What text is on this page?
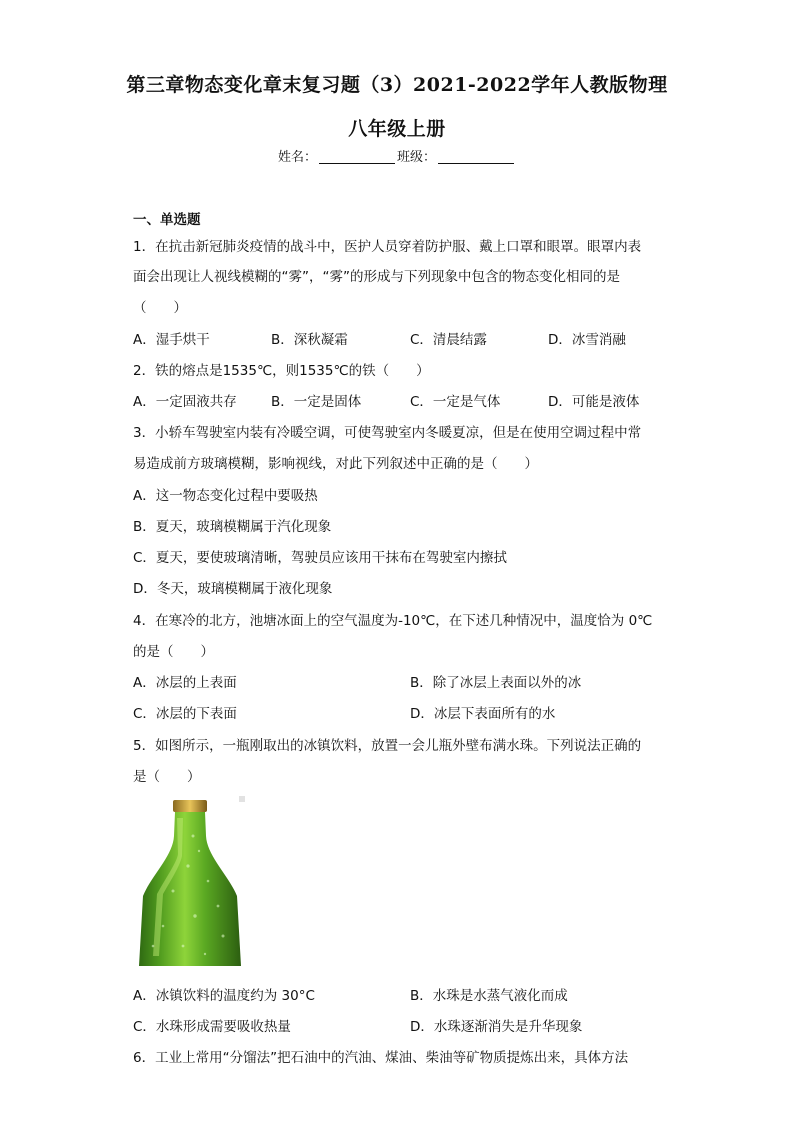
第三章物态变化章末复习题（3）2021-2022学年人教版物理
八年级上册
姓名：	班级：
一、单选题
1．在抗击新冠肺炎疫情的战斗中，医护人员穿着防护服、戴上口罩和眼罩。眼罩内表
面会出现让人视线模糊的“雾”，“雾”的形成与下列现象中包含的物态变化相同的是
（　　）
A．湿手烘干	B．深秋凝霜	C．清晨结露	D．冰雪消融
2．铁的熔点是1535℃，则1535℃的铁（　　）
A．一定固液共存	B．一定是固体	C．一定是气体	D．可能是液体
3．小轿车驾驶室内装有冷暖空调，可使驾驶室内冬暖夏凉，但是在使用空调过程中常
易造成前方玻璃模糊，影响视线，对此下列叙述中正确的是（　　）
A．这一物态变化过程中要吸热
B．夏天，玻璃模糊属于汽化现象
C．夏天，要使玻璃清晰，驾驶员应该用干抹布在驾驶室内擦拭
D．冬天，玻璃模糊属于液化现象
4．在寒冷的北方，池塘冰面上的空气温度为-10℃，在下述几种情况中，温度恰为 0℃
的是（　　）
A．冰层的上表面	B．除了冰层上表面以外的冰
C．冰层的下表面	D．冰层下表面所有的水
5．如图所示，一瓶刚取出的冰镇饮料，放置一会儿瓶外壁布满水珠。下列说法正确的
是（　　）
A．冰镇饮料的温度约为 30°C	B．水珠是水蒸气液化而成
C．水珠形成需要吸收热量	D．水珠逐渐消失是升华现象
6．工业上常用“分馏法”把石油中的汽油、煤油、柴油等矿物质提炼出来，具体方法
